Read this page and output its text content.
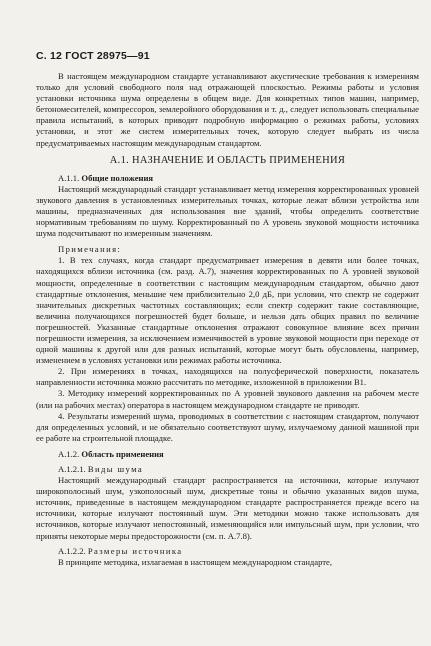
С. 12 ГОСТ 28975—91

В настоящем международном стандарте устанавливают акустические требования к измерениям только для условий свободного поля над отражающей плоскостью. Режимы работы и условия установки источника шума определены в общем виде. Для конкретных типов машин, например, бетономесителей, компрессоров, землеройного оборудования и т. д., следует использовать специальные правила испытаний, в которых приводят подробную информацию о режимах работы, условиях установки, и этот же систем измерительных точек, которую следует выбрать из числа предусматриваемых настоящим международным стандартом.

А.1. НАЗНАЧЕНИЕ И ОБЛАСТЬ ПРИМЕНЕНИЯ

А.1.1. Общие положения

Настоящий международный стандарт устанавливает метод измерения корректированных уровней звукового давления в установленных измерительных точках, которые лежат вблизи устройства или машины, предназначенных для использования вне зданий, чтобы определить соответствие нормативным требованиям по шуму. Корректированный по А уровень звуковой мощности источника шума подсчитывают по измеренным значениям.

Примечания:

1. В тех случаях, когда стандарт предусматривает измерения в девяти или более точках, находящихся вблизи источника (см. разд. А.7), значения корректированных по А уровней звуковой мощности, определенные в соответствии с настоящим международным стандартом, обычно дают стандартные отклонения, меньшие чем приблизительно 2,0 дБ, при условии, что спектр не содержит значительных дискретных частотных составляющих; если спектр содержит такие составляющие, величина получающихся погрешностей будет больше, и нельзя дать общих правил по величине погрешностей. Указанные стандартные отклонения отражают совокупное влияние всех причин погрешности измерения, за исключением изменчивостей в уровне звуковой мощности при переходе от одной машины к другой или для разных испытаний, которые могут быть обусловлены, например, изменением в условиях установки или режимах работы источника.

2. При измерениях в точках, находящихся на полусферической поверхности, показатель направленности источника можно рассчитать по методике, изложенной в приложении В1.

3. Методику измерений корректированных по А уровней звукового давления на рабочем месте (или на рабочих местах) оператора в настоящем международном стандарте не приводят.

4. Результаты измерений шума, проводимых в соответствии с настоящим стандартом, получают для определенных условий, и не обязательно соответствуют шуму, излучаемому данной машиной при ее работе на строительной площадке.

А.1.2. Область применения

А.1.2.1. Виды шума

Настоящий международный стандарт распространяется на источники, которые излучают широкополосный шум, узкополосный шум, дискретные тоны и обычно указанных видов шума, источник, приведенные в настоящем международном стандарте распространяется прежде всего на источники, которые излучают постоянный шум. Эти методики можно также использовать для источников, которые излучают непостоянный, изменяющийся или импульсный шум, при условии, что приняты некоторые меры предосторожности (см. п. А.7.8).

А.1.2.2. Размеры источника

В принципе методика, излагаемая в настоящем международном стандарте,
